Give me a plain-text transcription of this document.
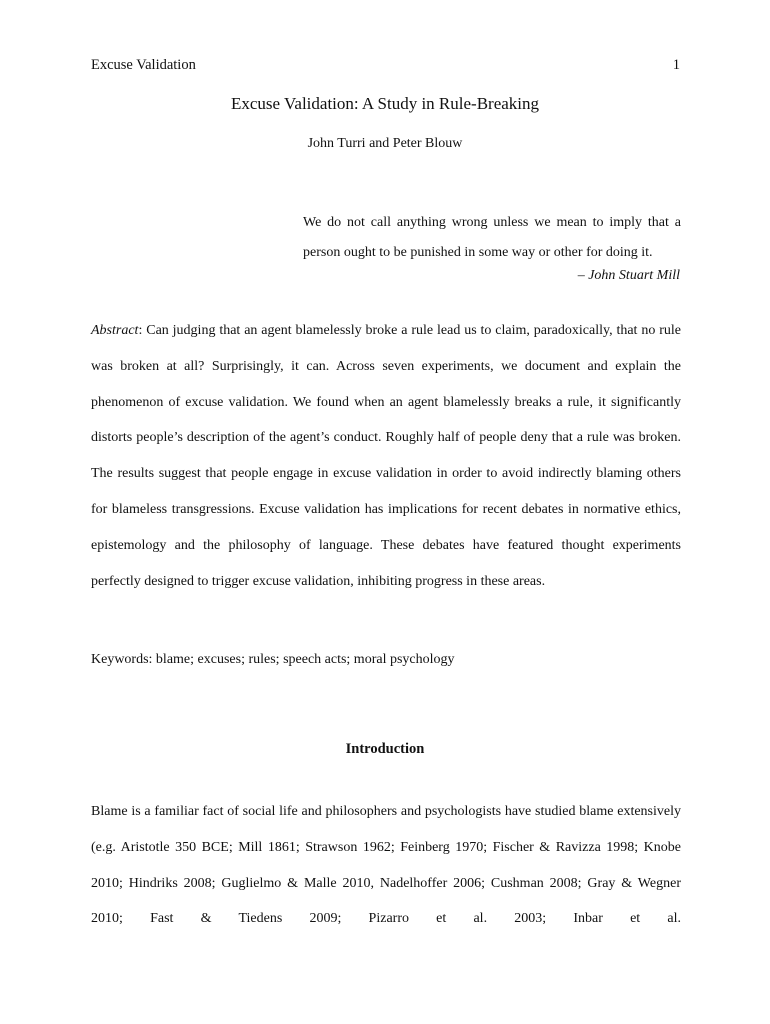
Excuse Validation	1
Excuse Validation: A Study in Rule-Breaking
John Turri and Peter Blouw
We do not call anything wrong unless we mean to imply that a person ought to be punished in some way or other for doing it.
– John Stuart Mill

Abstract: Can judging that an agent blamelessly broke a rule lead us to claim, paradoxically, that no rule was broken at all? Surprisingly, it can. Across seven experiments, we document and explain the phenomenon of excuse validation. We found when an agent blamelessly breaks a rule, it significantly distorts people’s description of the agent’s conduct. Roughly half of people deny that a rule was broken. The results suggest that people engage in excuse validation in order to avoid indirectly blaming others for blameless transgressions. Excuse validation has implications for recent debates in normative ethics, epistemology and the philosophy of language. These debates have featured thought experiments perfectly designed to trigger excuse validation, inhibiting progress in these areas.

Keywords: blame; excuses; rules; speech acts; moral psychology
Introduction

Blame is a familiar fact of social life and philosophers and psychologists have studied blame extensively (e.g. Aristotle 350 BCE; Mill 1861; Strawson 1962; Feinberg 1970; Fischer & Ravizza 1998; Knobe 2010; Hindriks 2008; Guglielmo & Malle 2010, Nadelhoffer 2006; Cushman 2008; Gray & Wegner 2010; Fast & Tiedens 2009; Pizarro et al. 2003; Inbar et al.
